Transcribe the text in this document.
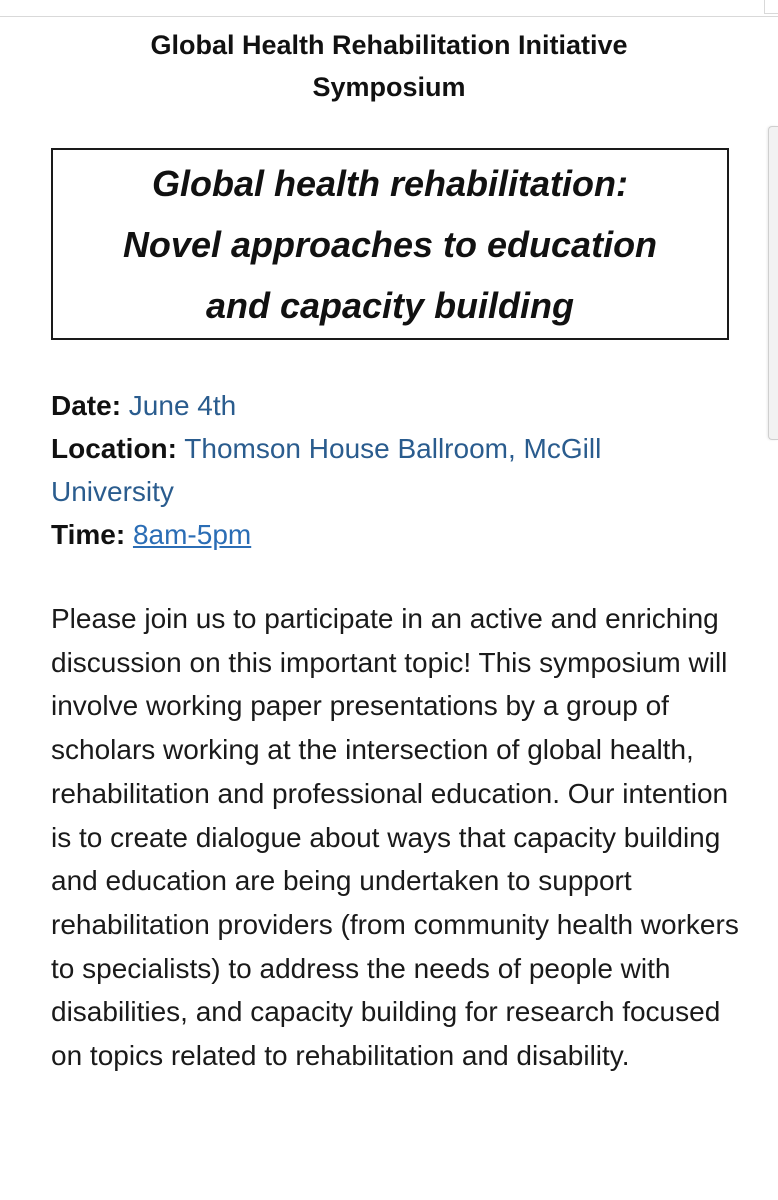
Global Health Rehabilitation Initiative
Symposium
Global health rehabilitation:
Novel approaches to education
and capacity building

Date: June 4th

Location: Thomson House Ballroom, McGill University

Time: 8am-5pm

Please join us to participate in an active and enriching discussion on this important topic! This symposium will involve working paper presentations by a group of scholars working at the intersection of global health, rehabilitation and professional education. Our intention is to create dialogue about ways that capacity building and education are being undertaken to support rehabilitation providers (from community health workers to specialists) to address the needs of people with disabilities, and capacity building for research focused on topics related to rehabilitation and disability.
